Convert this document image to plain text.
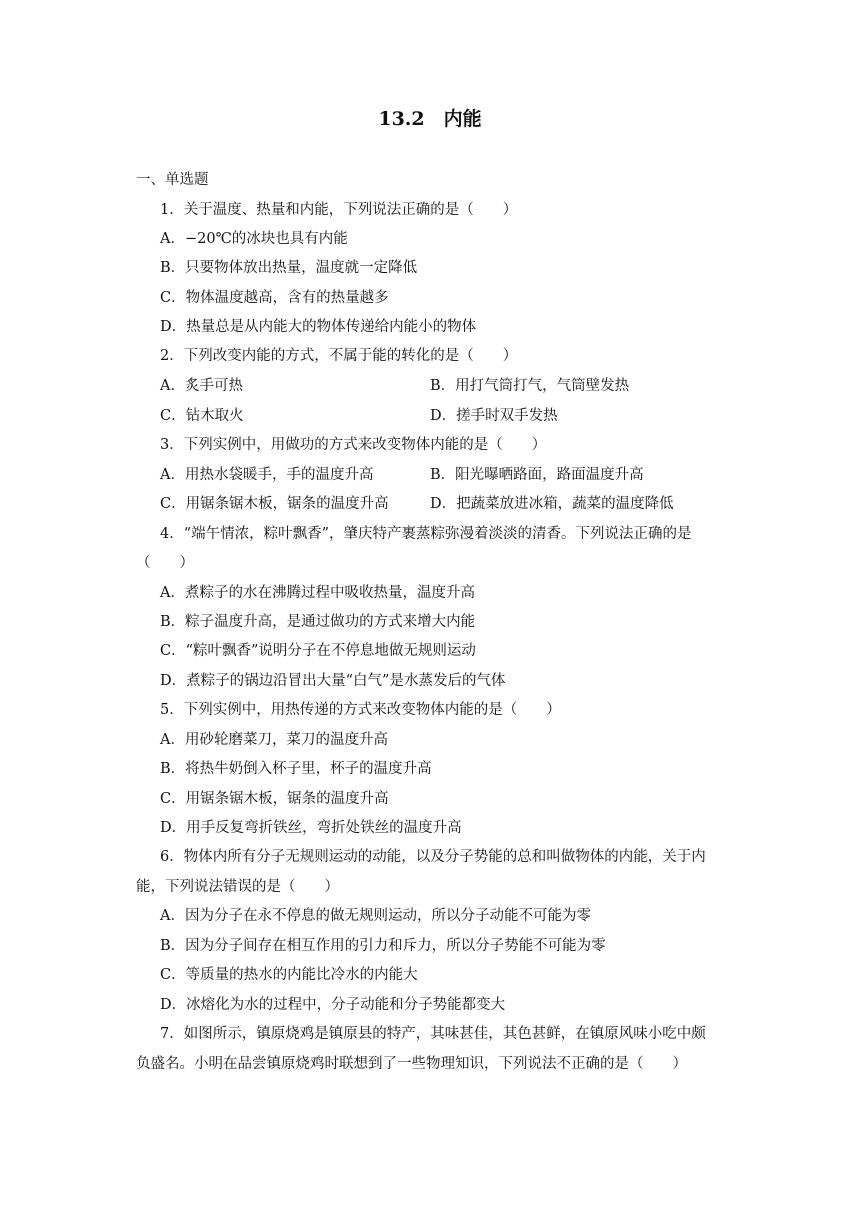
13.2　内能
一、单选题
1．关于温度、热量和内能，下列说法正确的是（　　）
A．−20℃的冰块也具有内能
B．只要物体放出热量，温度就一定降低
C．物体温度越高，含有的热量越多
D．热量总是从内能大的物体传递给内能小的物体
2．下列改变内能的方式，不属于能的转化的是（　　）
A．炙手可热	B．用打气筒打气，气筒壁发热
C．钻木取火	D．搓手时双手发热
3．下列实例中，用做功的方式来改变物体内能的是（　　）
A．用热水袋暖手，手的温度升高	B．阳光曝晒路面，路面温度升高
C．用锯条锯木板，锯条的温度升高	D．把蔬菜放进冰箱，蔬菜的温度降低
4．“端午情浓，粽叶飘香”，肇庆特产裹蒸粽弥漫着淡淡的清香。下列说法正确的是
（　　）
A．煮粽子的水在沸腾过程中吸收热量，温度升高
B．粽子温度升高，是通过做功的方式来增大内能
C．“粽叶飘香”说明分子在不停息地做无规则运动
D．煮粽子的锅边沿冒出大量“白气”是水蒸发后的气体
5．下列实例中，用热传递的方式来改变物体内能的是（　　）
A．用砂轮磨菜刀，菜刀的温度升高
B．将热牛奶倒入杯子里，杯子的温度升高
C．用锯条锯木板，锯条的温度升高
D．用手反复弯折铁丝，弯折处铁丝的温度升高
6．物体内所有分子无规则运动的动能，以及分子势能的总和叫做物体的内能，关于内
能，下列说法错误的是（　　）
A．因为分子在永不停息的做无规则运动，所以分子动能不可能为零
B．因为分子间存在相互作用的引力和斥力，所以分子势能不可能为零
C．等质量的热水的内能比冷水的内能大
D．冰熔化为水的过程中，分子动能和分子势能都变大
7．如图所示，镇原烧鸡是镇原县的特产，其味甚佳，其色甚鲜，在镇原风味小吃中颇
负盛名。小明在品尝镇原烧鸡时联想到了一些物理知识，下列说法不正确的是（　　）
